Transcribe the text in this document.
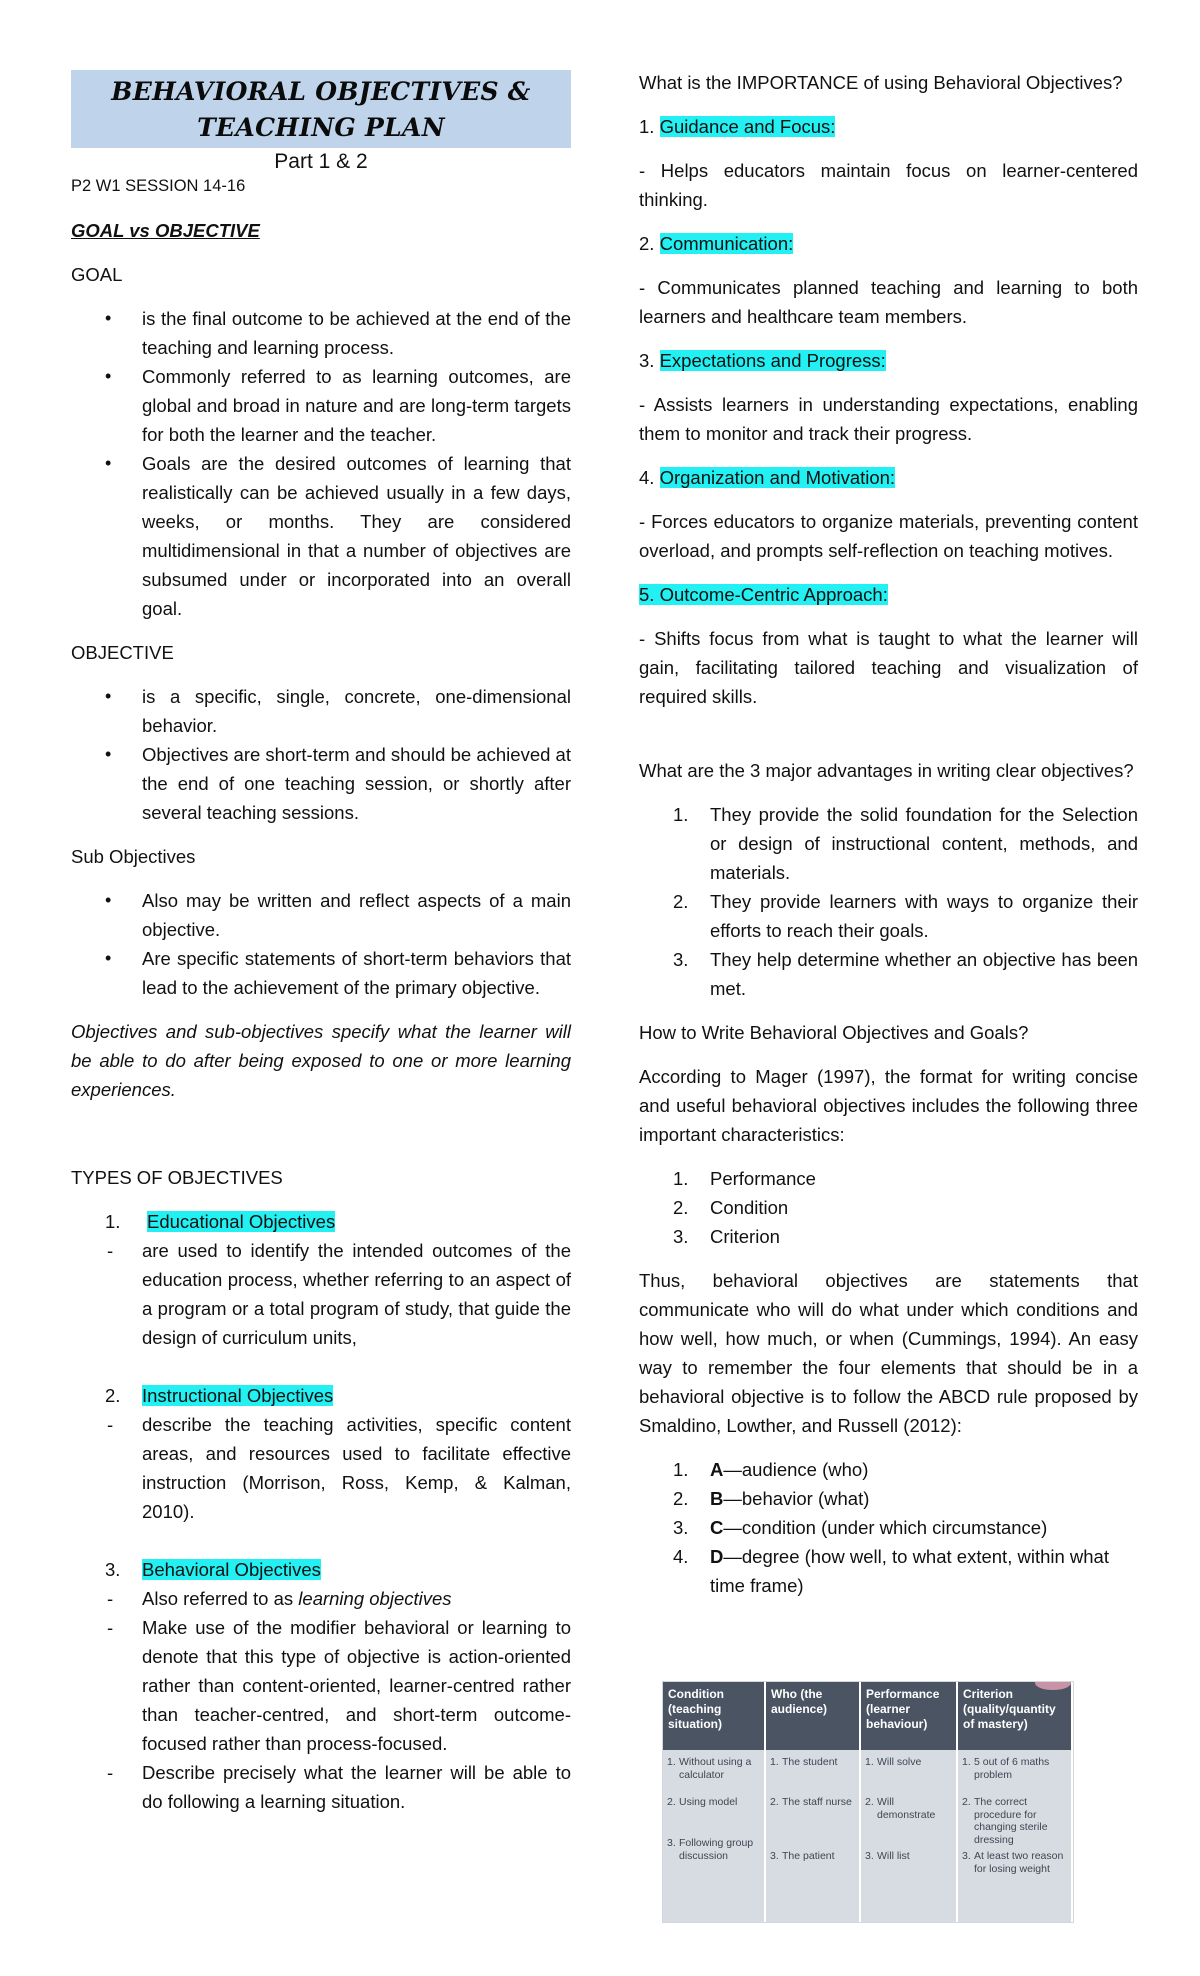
BEHAVIORAL OBJECTIVES & TEACHING PLAN
Part 1 & 2

P2 W1 SESSION 14-16

GOAL vs OBJECTIVE

GOAL

• is the final outcome to be achieved at the end of the teaching and learning process.
• Commonly referred to as learning outcomes, are global and broad in nature and are long-term targets for both the learner and the teacher.
• Goals are the desired outcomes of learning that realistically can be achieved usually in a few days, weeks, or months. They are considered multidimensional in that a number of objectives are subsumed under or incorporated into an overall goal.

OBJECTIVE

• is a specific, single, concrete, one-dimensional behavior.
• Objectives are short-term and should be achieved at the end of one teaching session, or shortly after several teaching sessions.

Sub Objectives

• Also may be written and reflect aspects of a main objective.
• Are specific statements of short-term behaviors that lead to the achievement of the primary objective.

Objectives and sub-objectives specify what the learner will be able to do after being exposed to one or more learning experiences.

TYPES OF OBJECTIVES

1. Educational Objectives

- are used to identify the intended outcomes of the education process, whether referring to an aspect of a program or a total program of study, that guide the design of curriculum units,

2. Instructional Objectives

- describe the teaching activities, specific content areas, and resources used to facilitate effective instruction (Morrison, Ross, Kemp, & Kalman, 2010).

3. Behavioral Objectives

- Also referred to as learning objectives
- Make use of the modifier behavioral or learning to denote that this type of objective is action-oriented rather than content-oriented, learner-centred rather than teacher-centred, and short-term outcome-focused rather than process-focused.
- Describe precisely what the learner will be able to do following a learning situation.

What is the IMPORTANCE of using Behavioral Objectives?

1. Guidance and Focus:

- Helps educators maintain focus on learner-centered thinking.

2. Communication:

- Communicates planned teaching and learning to both learners and healthcare team members.

3. Expectations and Progress:

- Assists learners in understanding expectations, enabling them to monitor and track their progress.

4. Organization and Motivation:

- Forces educators to organize materials, preventing content overload, and prompts self-reflection on teaching motives.

5. Outcome-Centric Approach:

- Shifts focus from what is taught to what the learner will gain, facilitating tailored teaching and visualization of required skills.

What are the 3 major advantages in writing clear objectives?

1. They provide the solid foundation for the Selection or design of instructional content, methods, and materials.
2. They provide learners with ways to organize their efforts to reach their goals.
3. They help determine whether an objective has been met.

How to Write Behavioral Objectives and Goals?

According to Mager (1997), the format for writing concise and useful behavioral objectives includes the following three important characteristics:

1. Performance
2. Condition
3. Criterion

Thus, behavioral objectives are statements that communicate who will do what under which conditions and how well, how much, or when (Cummings, 1994). An easy way to remember the four elements that should be in a behavioral objective is to follow the ABCD rule proposed by Smaldino, Lowther, and Russell (2012):

1. A—audience (who)
2. B—behavior (what)
3. C—condition (under which circumstance)
4. D—degree (how well, to what extent, within what time frame)
Condition (teaching situation)
1. Without using a calculator
2. Using model
3. Following group discussion
Who (the audience)
1. The student
2. The staff nurse
3. The patient
Performance (learner behaviour)
1. Will solve
2. Will demonstrate
3. Will list
Criterion (quality/quantity of mastery)
1. 5 out of 6 maths problem
2. The correct procedure for changing sterile dressing
3. At least two reason for losing weight
